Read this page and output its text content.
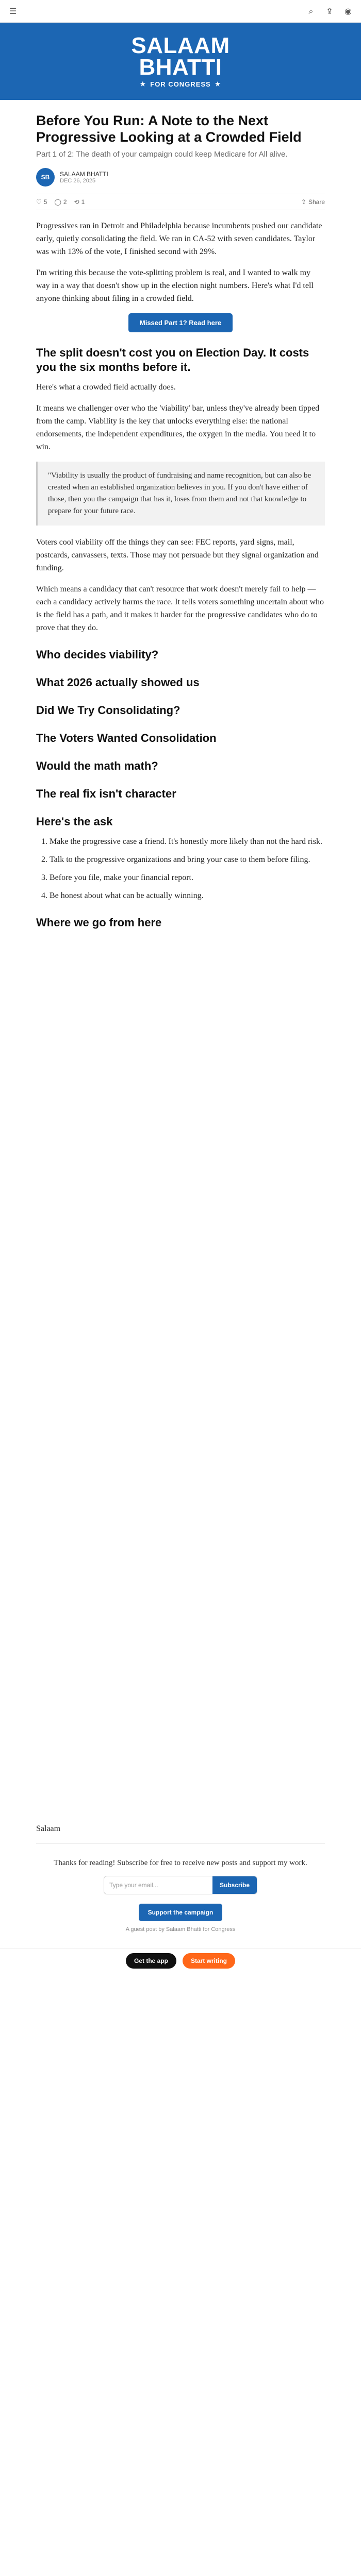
☰	⌕	⇪ ◉
SALAAM
BHATTI
★ FOR CONGRESS ★
Before You Run: A Note to the Next Progressive Looking at a Crowded Field
Part 1 of 2: The death of your campaign could keep Medicare for All alive.
SB	SALAAM BHATTI
DEC 26, 2025
♡ 5 ◯ 2 ⟲ 1	⇪ Share

Progressives ran in Detroit and Philadelphia because incumbents pushed our candidate early, quietly consolidating the field. We ran in CA-52 with seven candidates. Taylor was with 13% of the vote, I finished second with 29%.

I'm writing this because the vote-splitting problem is real, and I wanted to walk my way in a way that doesn't show up in the election night numbers. Here's what I'd tell anyone thinking about filing in a crowded field.

Missed Part 1? Read here
The split doesn't cost you on Election Day. It costs you the six months before it.

Here's what a crowded field actually does.

It means we challenger over who the 'viability' bar, unless they've already been tipped from the camp. Viability is the key that unlocks everything else: the national endorsements, the independent expenditures, the oxygen in the media. You need it to win.

"Viability is usually the product of fundraising and name recognition, but can also be created when an established organization believes in you. If you don't have either of those, then you the campaign that has it, loses from them and not that knowledge to prepare for your future race.

Voters cool viability off the things they can see: FEC reports, yard signs, mail, postcards, canvassers, texts. Those may not persuade but they signal organization and funding.

Which means a candidacy that can't resource that work doesn't merely fail to help — each a candidacy actively harms the race. It tells voters something uncertain about who is the field has a path, and it makes it harder for the progressive candidates who do to prove that they do.

Who decides viability?
What 2026 actually showed us
Did We Try Consolidating?
The Voters Wanted Consolidation
Would the math math?
The real fix isn't character
Here's the ask
1. Make the progressive case a friend. It's honestly more likely than not the hard risk.
2. Talk to the progressive organizations and bring your case to them before filing.
3. Before you file, make your financial report.
4. Be honest about what can be actually winning.
Where we go from here

Salaam

Thanks for reading! Subscribe for free to receive new posts and support my work.
Type your email...	Subscribe
Support the campaign
A guest post by Salaam Bhatti for Congress
Get the app	Start writing
